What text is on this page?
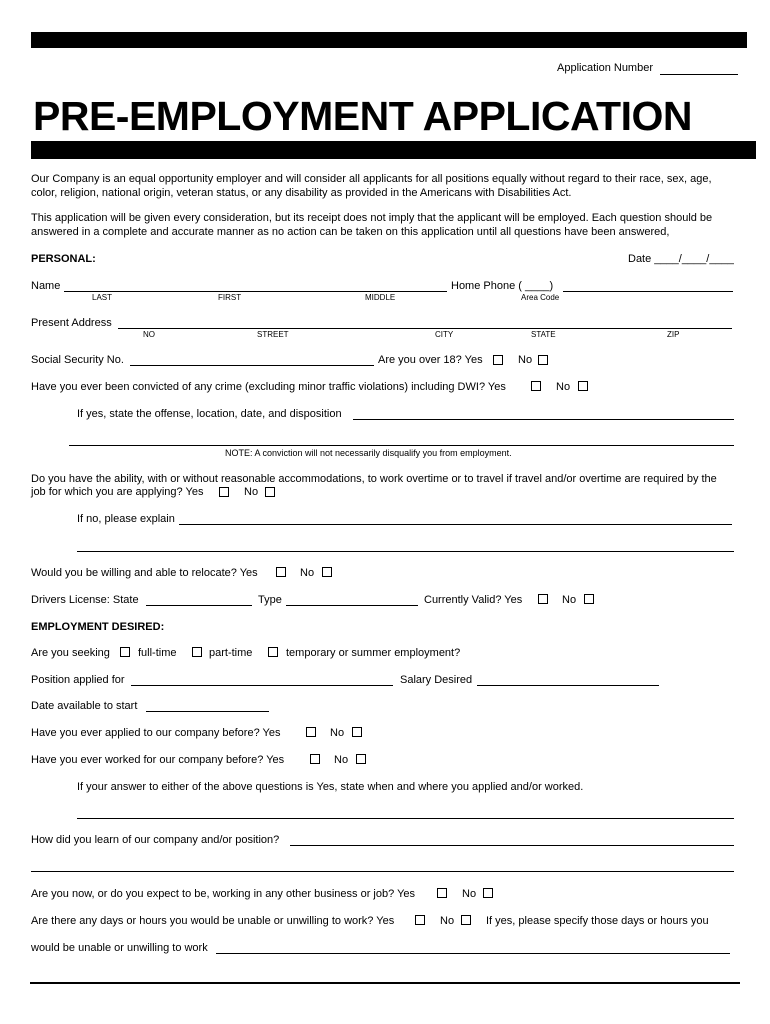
Application Number
PRE-EMPLOYMENT APPLICATION
Our Company is an equal opportunity employer and will consider all applicants for all positions equally without regard to their race, sex, age, color, religion, national origin, veteran status, or any disability as provided in the Americans with Disabilities Act.
This application will be given every consideration, but its receipt does not imply that the applicant will be employed. Each question should be answered in a complete and accurate manner as no action can be taken on this application until all questions have been answered,
PERSONAL:	Date ____/____/____
Name
LAST	FIRST	MIDDLE
Home Phone ( ____)
Area Code
Present Address
NO	STREET	CITY	STATE	ZIP
Social Security No.	Are you over 18? Yes	No
Have you ever been convicted of any crime (excluding minor traffic violations) including DWI? Yes	No
If yes, state the offense, location, date, and disposition
NOTE: A conviction will not necessarily disqualify you from employment.
Do you have the ability, with or without reasonable accommodations, to work overtime or to travel if travel and/or overtime are required by the
job for which you are applying? Yes	No
If no, please explain
Would you be willing and able to relocate? Yes	No
Drivers License: State	Type	Currently Valid? Yes	No
EMPLOYMENT DESIRED:
Are you seeking	full-time	part-time	temporary or summer employment?
Position applied for	Salary Desired
Date available to start
Have you ever applied to our company before? Yes	No
Have you ever worked for our company before? Yes	No
If your answer to either of the above questions is Yes, state when and where you applied and/or worked.
How did you learn of our company and/or position?
Are you now, or do you expect to be, working in any other business or job? Yes	No
Are there any days or hours you would be unable or unwilling to work? Yes	No	If yes, please specify those days or hours you
would be unable or unwilling to work
